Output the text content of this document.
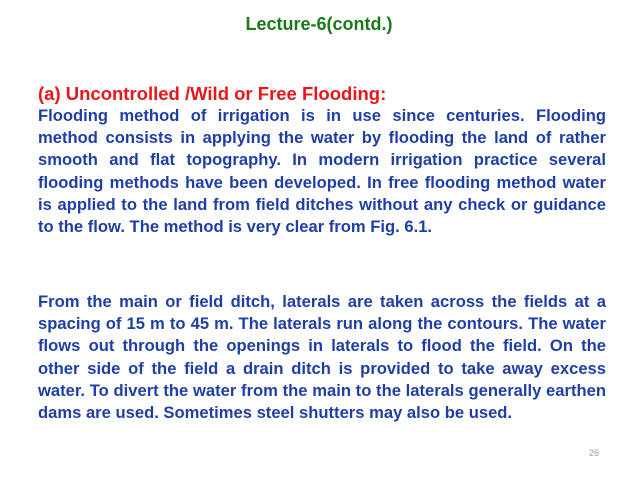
Lecture-6(contd.)
(a) Uncontrolled /Wild or Free Flooding:

Flooding method of irrigation is in use since centuries. Flooding method consists in applying the water by flooding the land of rather smooth and flat topography. In modern irrigation practice several flooding methods have been developed. In free flooding method water is applied to the land from field ditches without any check or guidance to the flow. The method is very clear from Fig. 6.1.

From the main or field ditch, laterals are taken across the fields at a spacing of 15 m to 45 m. The laterals run along the contours. The water flows out through the openings in laterals to flood the field. On the other side of the field a drain ditch is provided to take away excess water. To divert the water from the main to the laterals generally earthen dams are used. Sometimes steel shutters may also be used.

26
